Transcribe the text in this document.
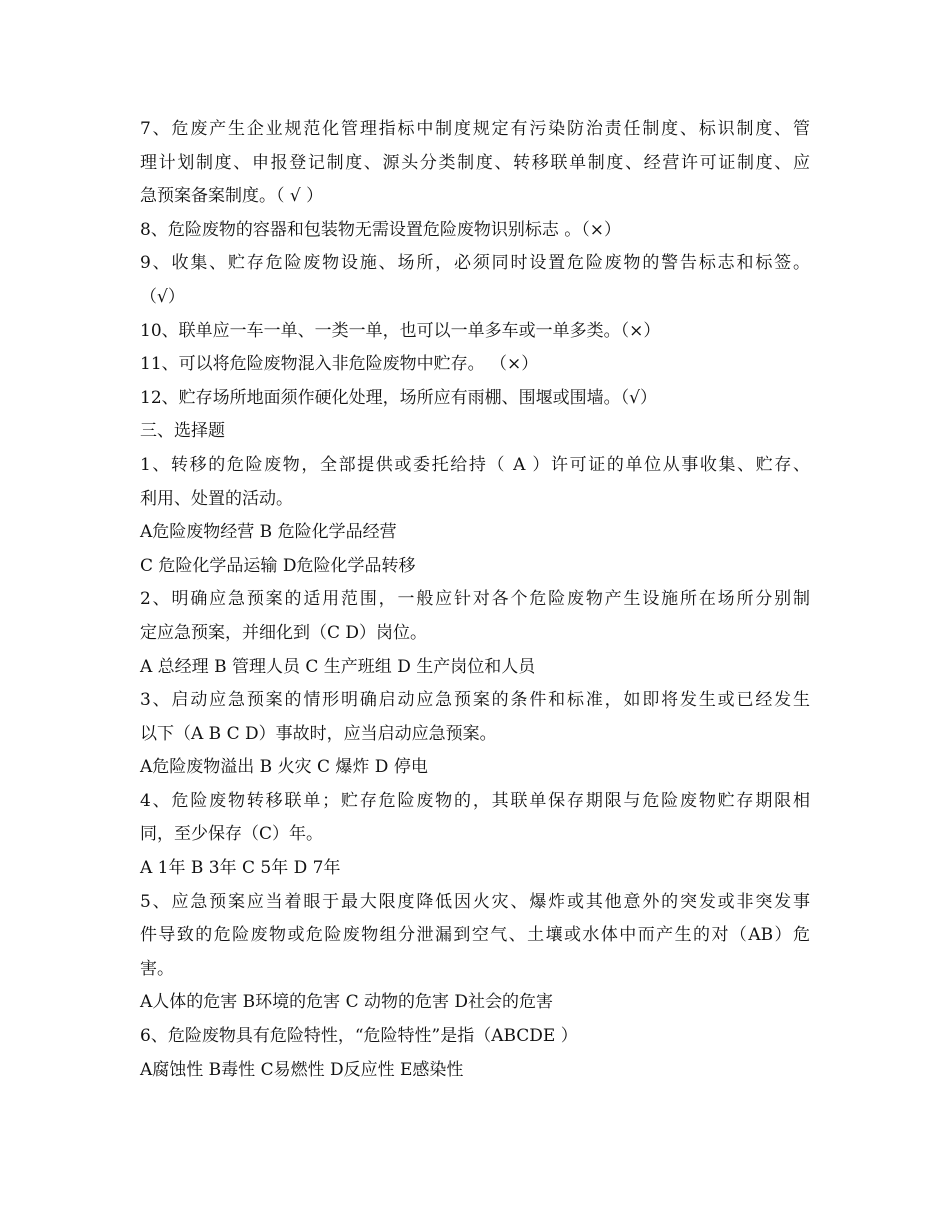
7、危废产生企业规范化管理指标中制度规定有污染防治责任制度、标识制度、管
理计划制度、申报登记制度、源头分类制度、转移联单制度、经营许可证制度、应
急预案备案制度。（ √ ）
8、危险废物的容器和包装物无需设置危险废物识别标志 。（×）
9、收集、贮存危险废物设施、场所，必须同时设置危险废物的警告标志和标签。
（√）
10、联单应一车一单、一类一单，也可以一单多车或一单多类。（×）
11、可以将危险废物混入非危险废物中贮存。 （×）
12、贮存场所地面须作硬化处理，场所应有雨棚、围堰或围墙。（√）
三、选择题
1、转移的危险废物，全部提供或委托给持（ A ）许可证的单位从事收集、贮存、
利用、处置的活动。
A危险废物经营 B 危险化学品经营
C 危险化学品运输 D危险化学品转移
2、明确应急预案的适用范围，一般应针对各个危险废物产生设施所在场所分别制
定应急预案，并细化到（C D）岗位。
A 总经理 B 管理人员 C 生产班组 D 生产岗位和人员
3、启动应急预案的情形明确启动应急预案的条件和标准，如即将发生或已经发生
以下（A B C D）事故时，应当启动应急预案。
A危险废物溢出 B 火灾 C 爆炸 D 停电
4、危险废物转移联单；贮存危险废物的，其联单保存期限与危险废物贮存期限相
同，至少保存（C）年。
A 1年 B 3年 C 5年 D 7年
5、应急预案应当着眼于最大限度降低因火灾、爆炸或其他意外的突发或非突发事
件导致的危险废物或危险废物组分泄漏到空气、土壤或水体中而产生的对（AB）危
害。
A人体的危害 B环境的危害 C 动物的危害 D社会的危害
6、危险废物具有危险特性，“危险特性”是指（ABCDE ）
A腐蚀性 B毒性 C易燃性 D反应性 E感染性
